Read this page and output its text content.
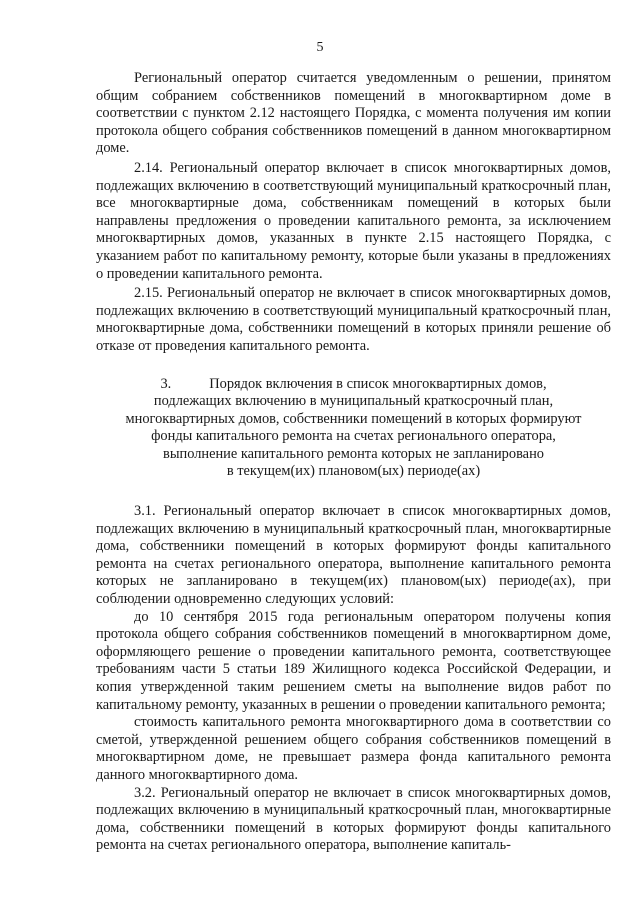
5

Региональный оператор считается уведомленным о решении, принятом общим собранием собственников помещений в многоквартирном доме в соответствии с пунктом 2.12 настоящего Порядка, с момента получения им копии протокола общего собрания собственников помещений в данном многоквартирном доме.

2.14. Региональный оператор включает в список многоквартирных домов, подлежащих включению в соответствующий муниципальный краткосрочный план, все многоквартирные дома, собственникам помещений в которых были направлены предложения о проведении капитального ремонта, за исключением многоквартирных домов, указанных в пункте 2.15 настоящего Порядка, с указанием работ по капитальному ремонту, которые были указаны в предложениях о проведении капитального ремонта.

2.15. Региональный оператор не включает в список многоквартирных домов, подлежащих включению в соответствующий муниципальный краткосрочный план, многоквартирные дома, собственники помещений в которых приняли решение об отказе от проведения капитального ремонта.

3.	Порядок включения в список многоквартирных домов,
подлежащих включению в муниципальный краткосрочный план,
многоквартирных домов, собственники помещений в которых формируют
фонды капитального ремонта на счетах регионального оператора,
выполнение капитального ремонта которых не запланировано
в текущем(их) плановом(ых) периоде(ах)

3.1. Региональный оператор включает в список многоквартирных домов, подлежащих включению в муниципальный краткосрочный план, многоквартирные дома, собственники помещений в которых формируют фонды капитального ремонта на счетах регионального оператора, выполнение капитального ремонта которых не запланировано в текущем(их) плановом(ых) периоде(ах), при соблюдении одновременно следующих условий:

до 10 сентября 2015 года региональным оператором получены копия протокола общего собрания собственников помещений в многоквартирном доме, оформляющего решение о проведении капитального ремонта, соответствующее требованиям части 5 статьи 189 Жилищного кодекса Российской Федерации, и копия утвержденной таким решением сметы на выполнение видов работ по капитальному ремонту, указанных в решении о проведении капитального ремонта;

стоимость капитального ремонта многоквартирного дома в соответствии со сметой, утвержденной решением общего собрания собственников помещений в многоквартирном доме, не превышает размера фонда капитального ремонта данного многоквартирного дома.

3.2. Региональный оператор не включает в список многоквартирных домов, подлежащих включению в муниципальный краткосрочный план, многоквартирные дома, собственники помещений в которых формируют фонды капитального ремонта на счетах регионального оператора, выполнение капиталь-
